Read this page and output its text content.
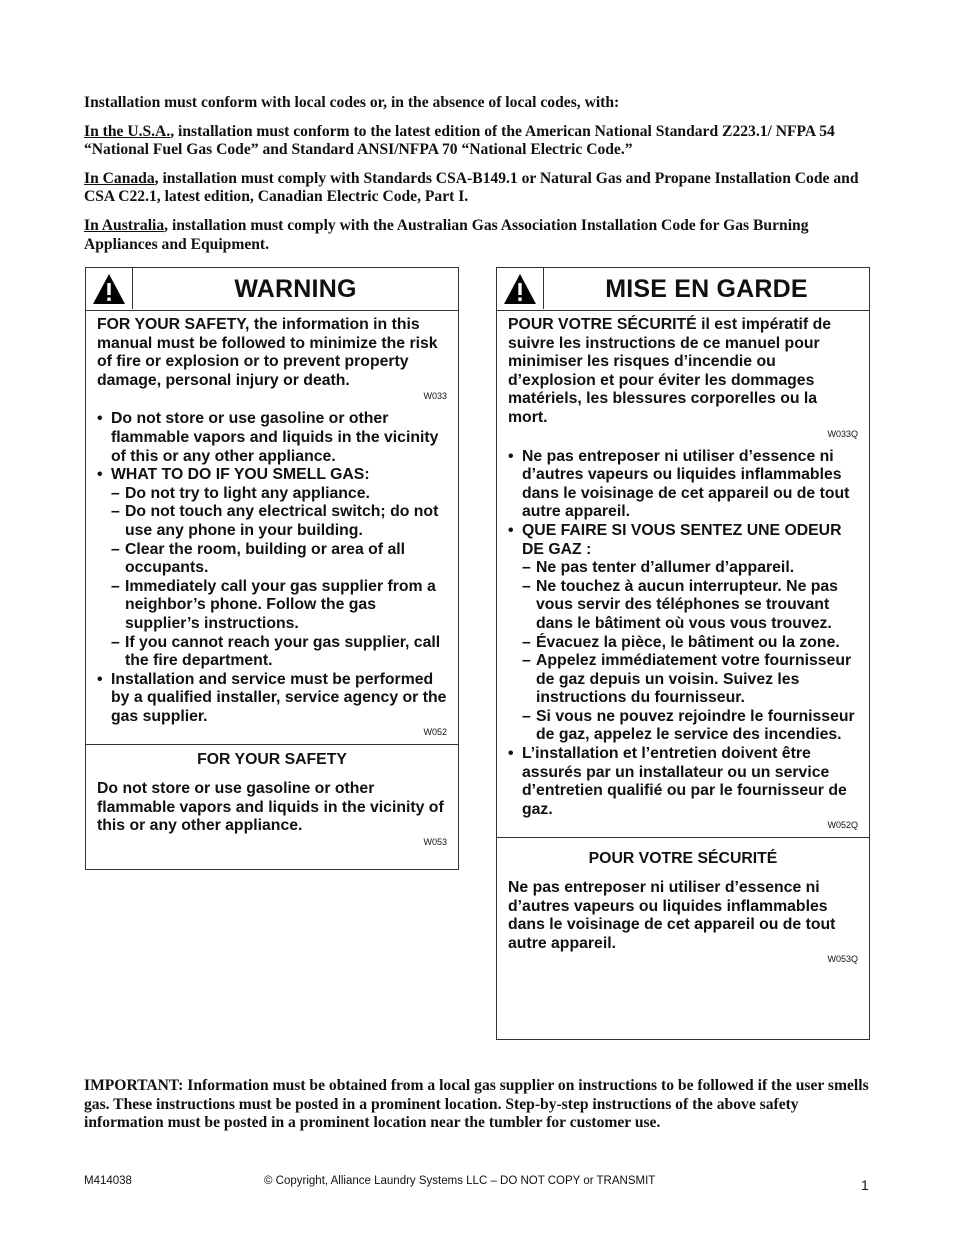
Installation must conform with local codes or, in the absence of local codes, with:

In the U.S.A., installation must conform to the latest edition of the American National Standard Z223.1/ NFPA 54 “National Fuel Gas Code” and Standard ANSI/NFPA 70 “National Electric Code.”

In Canada, installation must comply with Standards CSA-B149.1 or Natural Gas and Propane Installation Code and CSA C22.1, latest edition, Canadian Electric Code, Part I.

In Australia, installation must comply with the Australian Gas Association Installation Code for Gas Burning Appliances and Equipment.

WARNING

FOR YOUR SAFETY, the information in this manual must be followed to minimize the risk of fire or explosion or to prevent property damage, personal injury or death.

W033
• Do not store or use gasoline or other flammable vapors and liquids in the vicinity of this or any other appliance.
• WHAT TO DO IF YOU SMELL GAS:
– Do not try to light any appliance.
– Do not touch any electrical switch; do not use any phone in your building.
– Clear the room, building or area of all occupants.
– Immediately call your gas supplier from a neighbor’s phone. Follow the gas supplier’s instructions.
– If you cannot reach your gas supplier, call the fire department.
• Installation and service must be performed by a qualified installer, service agency or the gas supplier.
W052

FOR YOUR SAFETY

Do not store or use gasoline or other flammable vapors and liquids in the vicinity of this or any other appliance.

W053
MISE EN GARDE

POUR VOTRE SÉCURITÉ il est impératif de suivre les instructions de ce manuel pour minimiser les risques d’incendie ou d’explosion et pour éviter les dommages matériels, les blessures corporelles ou la mort.

W033Q
• Ne pas entreposer ni utiliser d’essence ni d’autres vapeurs ou liquides inflammables dans le voisinage de cet appareil ou de tout autre appareil.
• QUE FAIRE SI VOUS SENTEZ UNE ODEUR DE GAZ :
– Ne pas tenter d’allumer d’appareil.
– Ne touchez à aucun interrupteur. Ne pas vous servir des téléphones se trouvant dans le bâtiment où vous vous trouvez.
– Évacuez la pièce, le bâtiment ou la zone.
– Appelez immédiatement votre fournisseur de gaz depuis un voisin. Suivez les instructions du fournisseur.
– Si vous ne pouvez rejoindre le fournisseur de gaz, appelez le service des incendies.
• L’installation et l’entretien doivent être assurés par un installateur ou un service d’entretien qualifié ou par le fournisseur de gaz.
W052Q

POUR VOTRE SÉCURITÉ

Ne pas entreposer ni utiliser d’essence ni d’autres vapeurs ou liquides inflammables dans le voisinage de cet appareil ou de tout autre appareil.

W053Q
IMPORTANT: Information must be obtained from a local gas supplier on instructions to be followed if the user smells gas. These instructions must be posted in a prominent location. Step-by-step instructions of the above safety information must be posted in a prominent location near the tumbler for customer use.
M414038	© Copyright, Alliance Laundry Systems LLC – DO NOT COPY or TRANSMIT	1
